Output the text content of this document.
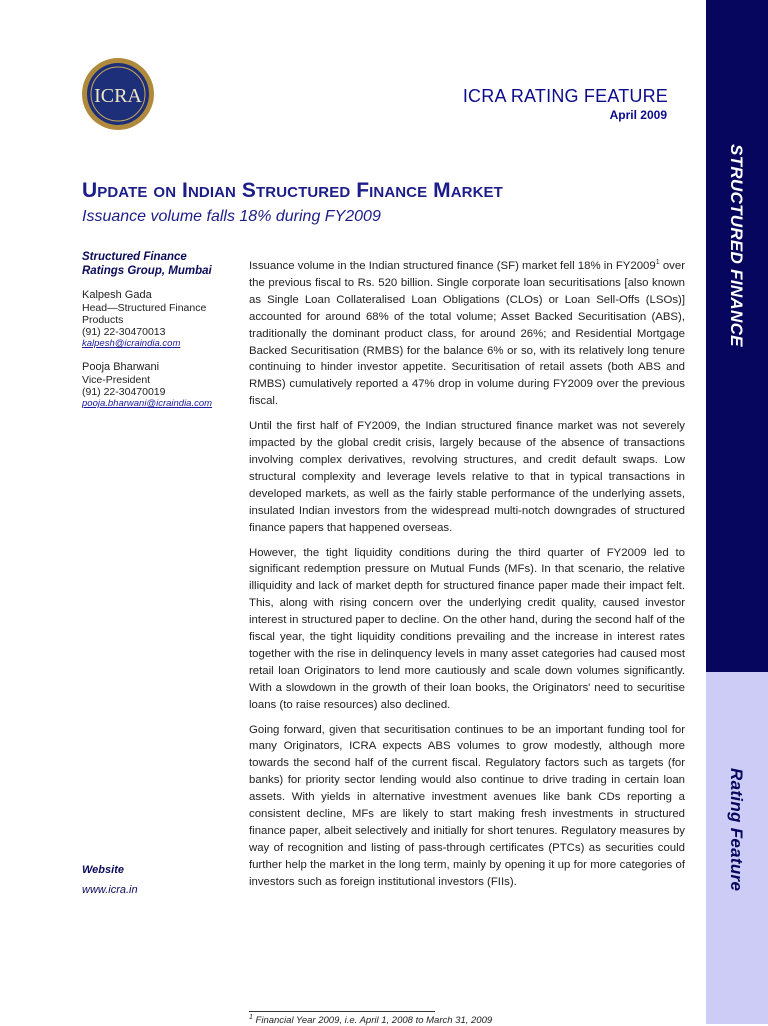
STRUCTURED FINANCE
Rating Feature
ICRA	ICRA RATING FEATURE
April 2009
Update on Indian Structured Finance Market
Issuance volume falls 18% during FY2009
Structured Finance Ratings Group, Mumbai
Kalpesh Gada
Head—Structured Finance Products
(91) 22-30470013
kalpesh@icraindia.com
Pooja Bharwani
Vice-President
(91) 22-30470019
pooja.bharwani@icraindia.com
Website
www.icra.in

Issuance volume in the Indian structured finance (SF) market fell 18% in FY2009$^1$ over the previous fiscal to Rs. 520 billion. Single corporate loan securitisations [also known as Single Loan Collateralised Loan Obligations (CLOs) or Loan Sell-Offs (LSOs)] accounted for around 68% of the total volume; Asset Backed Securitisation (ABS), traditionally the dominant product class, for around 26%; and Residential Mortgage Backed Securitisation (RMBS) for the balance 6% or so, with its relatively long tenure continuing to hinder investor appetite. Securitisation of retail assets (both ABS and RMBS) cumulatively reported a 47% drop in volume during FY2009 over the previous fiscal.

Until the first half of FY2009, the Indian structured finance market was not severely impacted by the global credit crisis, largely because of the absence of transactions involving complex derivatives, revolving structures, and credit default swaps. Low structural complexity and leverage levels relative to that in typical transactions in developed markets, as well as the fairly stable performance of the underlying assets, insulated Indian investors from the widespread multi-notch downgrades of structured finance papers that happened overseas.

However, the tight liquidity conditions during the third quarter of FY2009 led to significant redemption pressure on Mutual Funds (MFs). In that scenario, the relative illiquidity and lack of market depth for structured finance paper made their impact felt. This, along with rising concern over the underlying credit quality, caused investor interest in structured paper to decline. On the other hand, during the second half of the fiscal year, the tight liquidity conditions prevailing and the increase in interest rates together with the rise in delinquency levels in many asset categories had caused most retail loan Originators to lend more cautiously and scale down volumes significantly. With a slowdown in the growth of their loan books, the Originators' need to securitise loans (to raise resources) also declined.

Going forward, given that securitisation continues to be an important funding tool for many Originators, ICRA expects ABS volumes to grow modestly, although more towards the second half of the current fiscal. Regulatory factors such as targets (for banks) for priority sector lending would also continue to drive trading in certain loan assets. With yields in alternative investment avenues like bank CDs reporting a consistent decline, MFs are likely to start making fresh investments in structured finance paper, albeit selectively and initially for short tenures. Regulatory measures by way of recognition and listing of pass-through certificates (PTCs) as securities could further help the market in the long term, mainly by opening it up for more categories of investors such as foreign institutional investors (FIIs).

$^1$ Financial Year 2009, i.e. April 1, 2008 to March 31, 2009
